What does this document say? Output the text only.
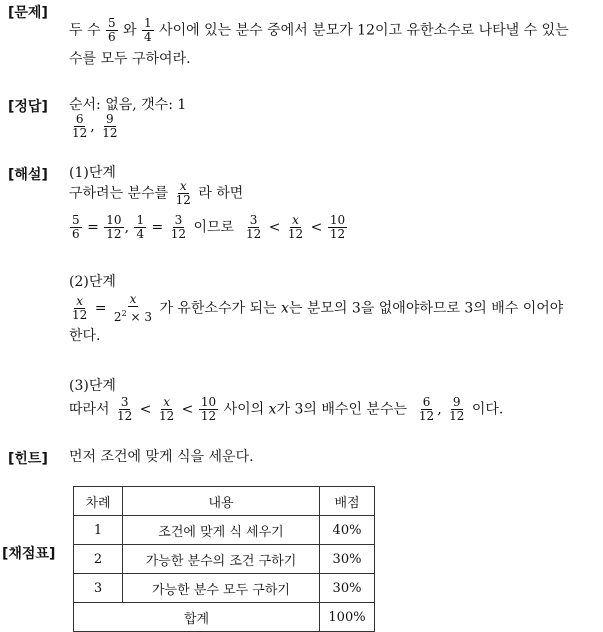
[문제]
[정답]
[해설]
[힌트]
[채점표]
두 수 $\frac{5}{6}$ 와 $\frac{1}{4}$ 사이에 있는 분수 중에서 분모가 12이고 유한소수로 나타낼 수 있는
수를 모두 구하여라.
순서: 없음, 갯수: 1
$\frac{6}{12}$ , $\frac{9}{12}$
(1)단계
구하려는 분수를 $\frac{x}{12}$ 라 하면
$\frac{5}{6} = \frac{10}{12}$ , $\frac{1}{4} = \frac{3}{12}$ 이므로 $\frac{3}{12} < \frac{x}{12} < \frac{10}{12}$
(2)단계
$\frac{x}{12} = \frac{x}{2^2 \times 3}$ 가 유한소수가 되는 x는 분모의 3을 없애야하므로 3의 배수 이어야
한다.
(3)단계
따라서 $\frac{3}{12} < \frac{x}{12} < \frac{10}{12}$ 사이의 x가 3의 배수인 분수는 $\frac{6}{12}$ , $\frac{9}{12}$ 이다.
먼저 조건에 맞게 식을 세운다.
차례	내용	배점
1	조건에 맞게 식 세우기	40%
2	가능한 분수의 조건 구하기	30%
3	가능한 분수 모두 구하기	30%
합계		100%
